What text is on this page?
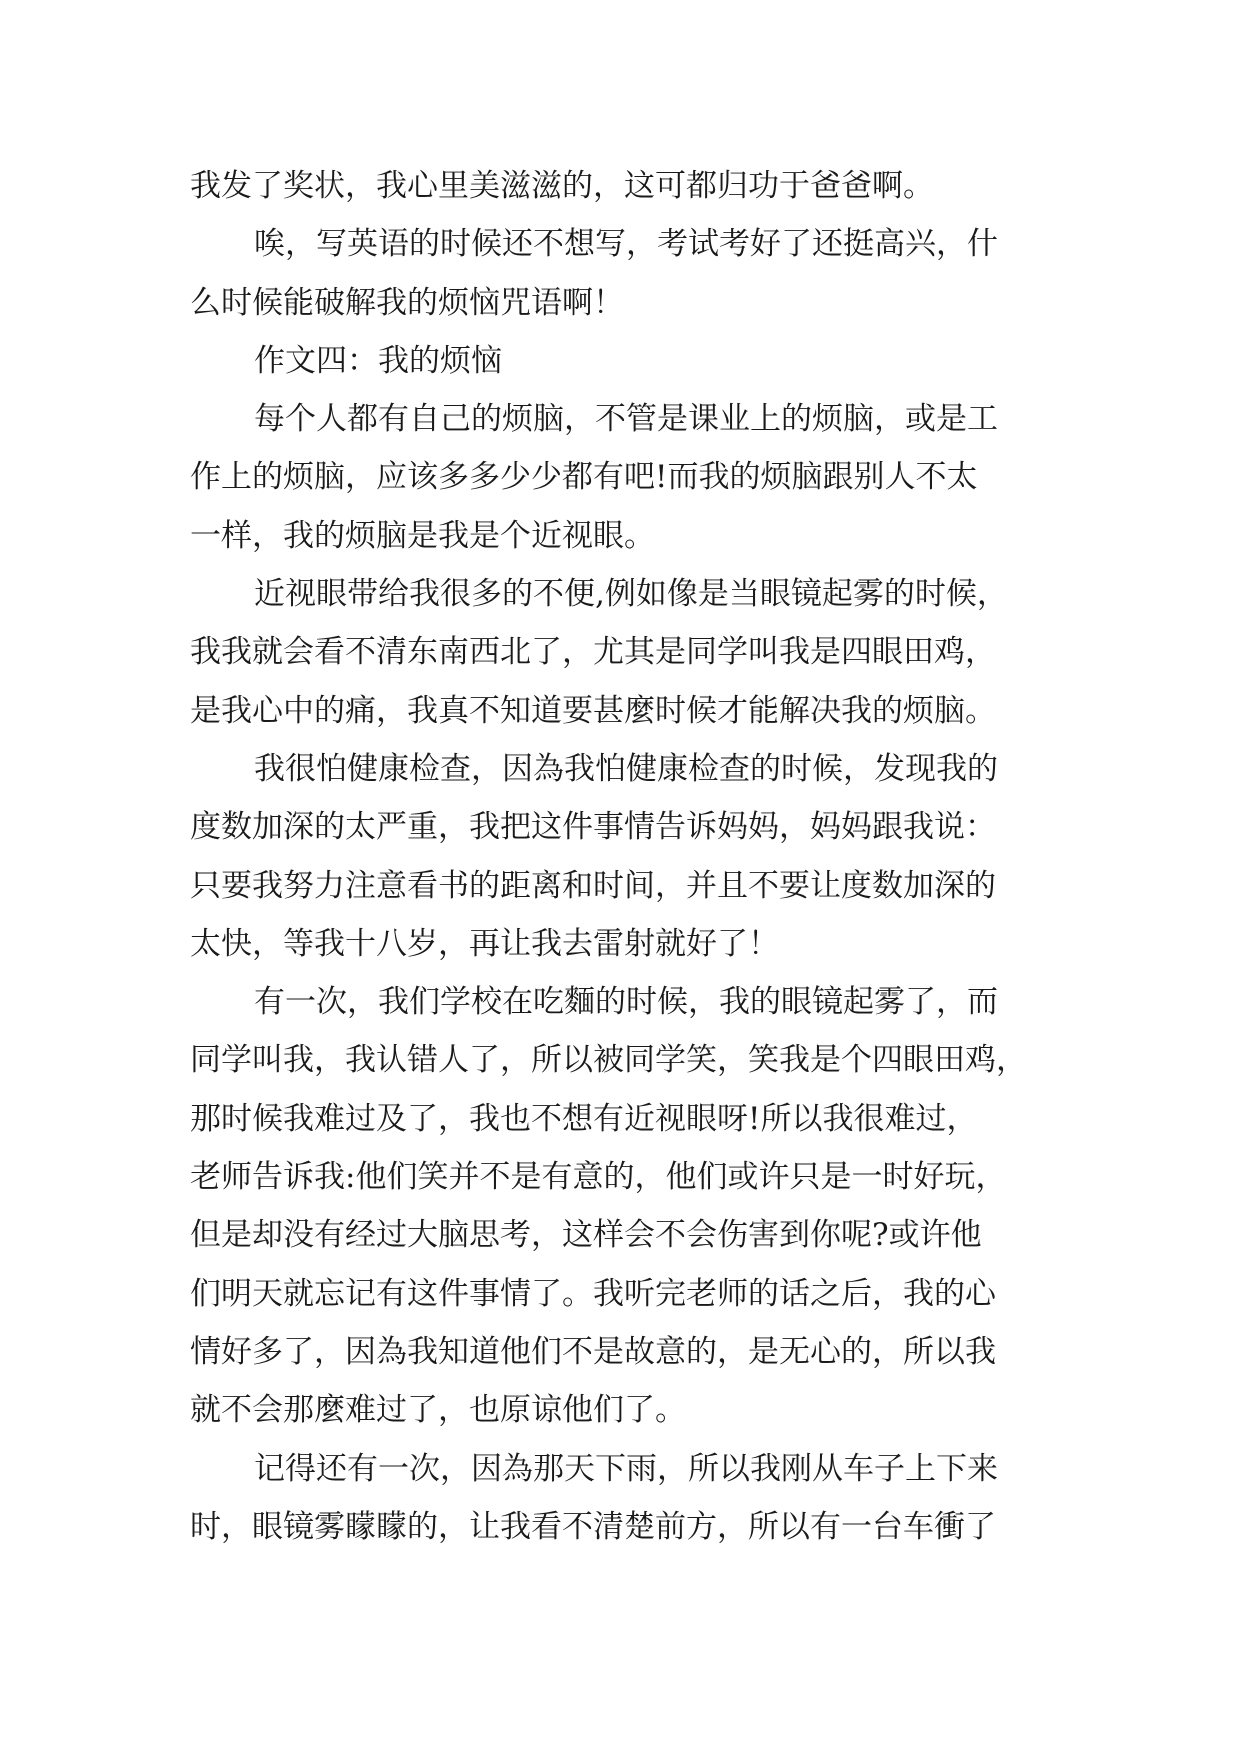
我发了奖状，我心里美滋滋的，这可都归功于爸爸啊。
唉，写英语的时候还不想写，考试考好了还挺高兴，什
么时候能破解我的烦恼咒语啊！
作文四：我的烦恼
每个人都有自己的烦脑，不管是课业上的烦脑，或是工
作上的烦脑，应该多多少少都有吧!而我的烦脑跟别人不太
一样，我的烦脑是我是个近视眼。
近视眼带给我很多的不便,例如像是当眼镜起雾的时候，
我我就会看不清东南西北了，尤其是同学叫我是四眼田鸡，
是我心中的痛，我真不知道要甚麼时候才能解决我的烦脑。
我很怕健康检查，因為我怕健康检查的时候，发现我的
度数加深的太严重，我把这件事情告诉妈妈，妈妈跟我说：
只要我努力注意看书的距离和时间，并且不要让度数加深的
太快，等我十八岁，再让我去雷射就好了！
有一次，我们学校在吃麵的时候，我的眼镜起雾了，而
同学叫我，我认错人了，所以被同学笑，笑我是个四眼田鸡，
那时候我难过及了，我也不想有近视眼呀!所以我很难过，
老师告诉我:他们笑并不是有意的，他们或许只是一时好玩，
但是却没有经过大脑思考，这样会不会伤害到你呢?或许他
们明天就忘记有这件事情了。我听完老师的话之后，我的心
情好多了，因為我知道他们不是故意的，是无心的，所以我
就不会那麼难过了，也原谅他们了。
记得还有一次，因為那天下雨，所以我刚从车子上下来
时，眼镜雾矇矇的，让我看不清楚前方，所以有一台车衝了
